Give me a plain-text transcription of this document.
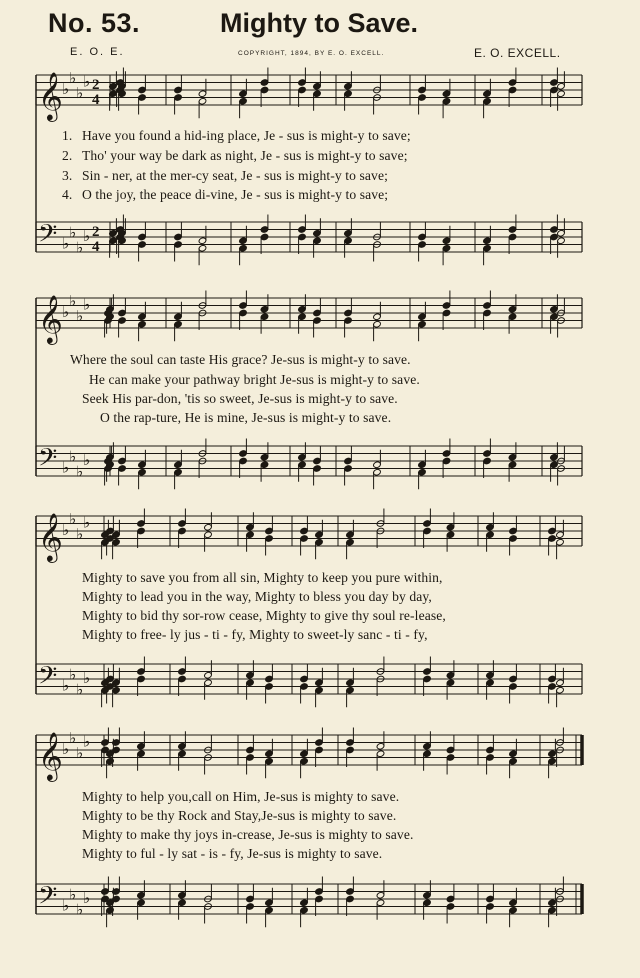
No. 53.	Mighty to Save.
E. O. E.	COPYRIGHT, 1894, BY E. O. EXCELL.	E. O. EXCELL.
𝄞 ♭
♭
♭
♭ 2
4
𝄢 ♭
♭
♭
♭ 2
4
𝄞 ♭
♭
♭
♭
𝄢 ♭
♭
♭
♭
𝄞 ♭
♭
♭
♭
𝄢 ♭
♭
♭
♭
𝄞 ♭
♭
♭
♭
𝄢 ♭
♭
♭
♭
1. Have you found a hid-ing place, Je - sus is might-y to save;
2. Tho' your way be dark as night, Je - sus is might-y to save;
3. Sin - ner, at the mer-cy seat, Je - sus is might-y to save;
4. O the joy, the peace di-vine, Je - sus is might-y to save;
Where the soul can taste His grace? Je-sus is might-y to save.
He can make your pathway bright Je-sus is might-y to save.
Seek His par-don, 'tis so sweet, Je-sus is might-y to save.
O the rap-ture, He is mine, Je-sus is might-y to save.
Mighty to save you from all sin, Mighty to keep you pure within,
Mighty to lead you in the way, Mighty to bless you day by day,
Mighty to bid thy sor-row cease, Mighty to give thy soul re-lease,
Mighty to free- ly jus - ti - fy, Mighty to sweet-ly sanc - ti - fy,
Mighty to help you,call on Him, Je-sus is mighty to save.
Mighty to be thy Rock and Stay,Je-sus is mighty to save.
Mighty to make thy joys in-crease, Je-sus is mighty to save.
Mighty to ful - ly sat - is - fy, Je-sus is mighty to save.
